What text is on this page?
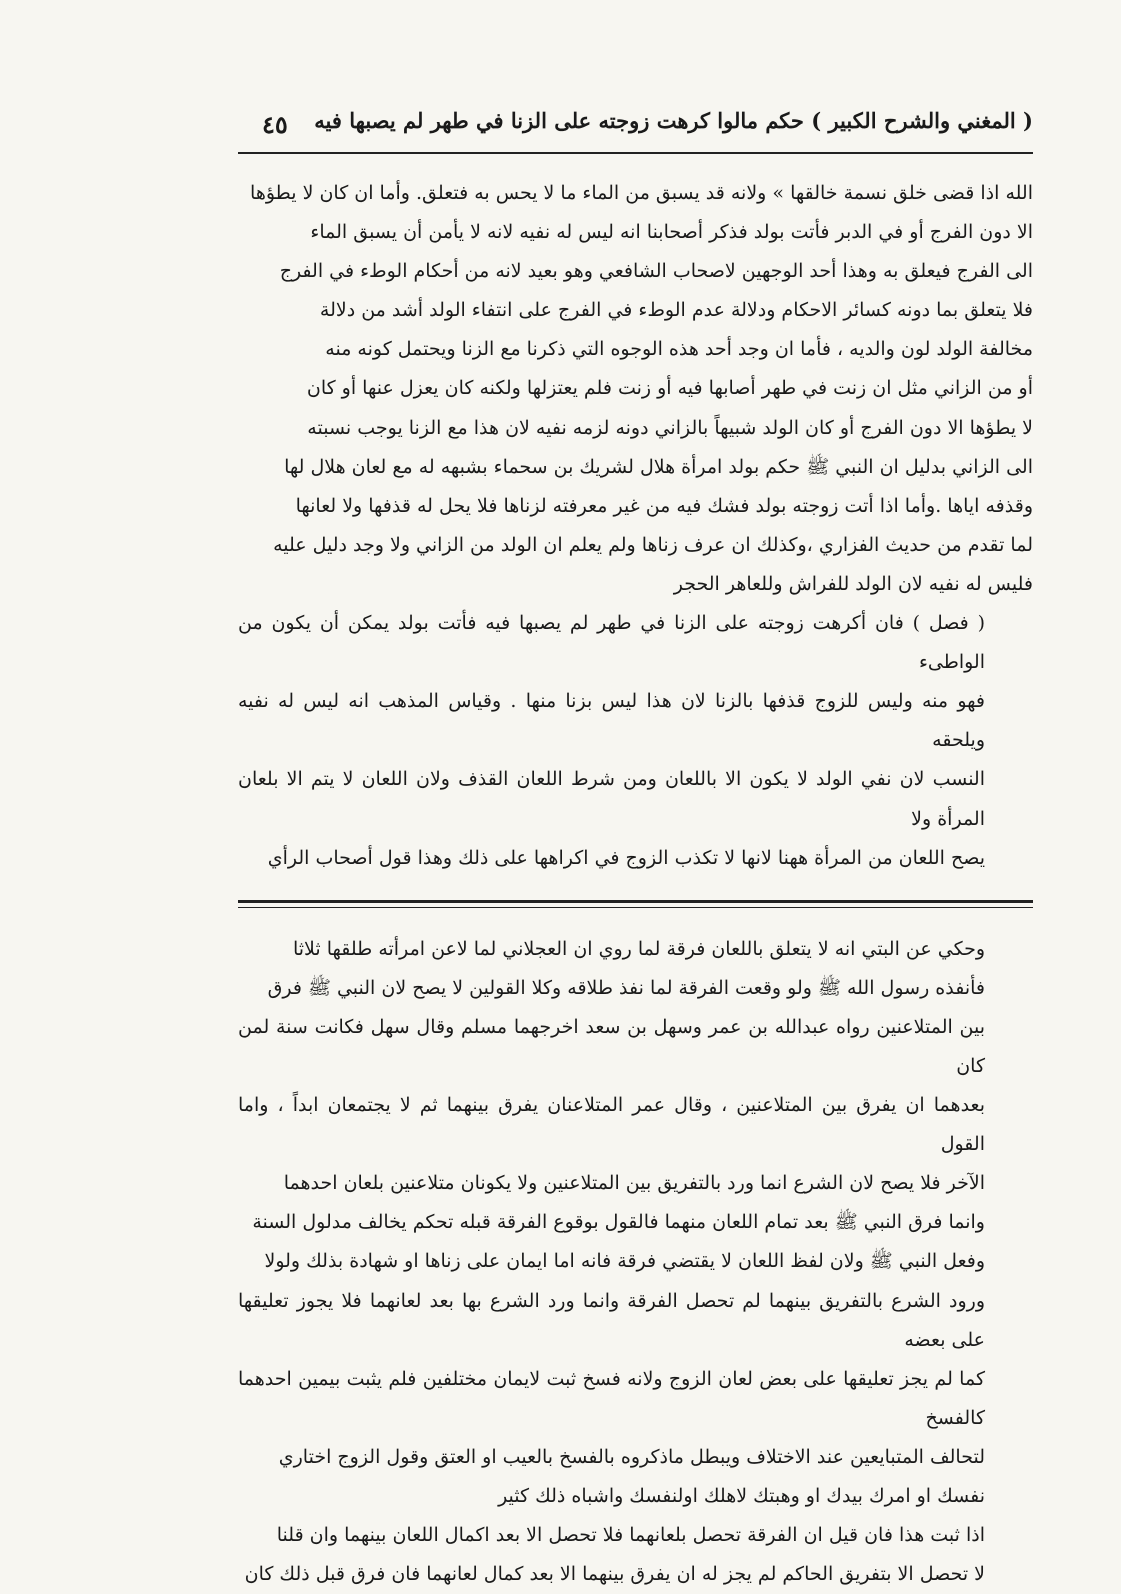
( المغني والشرح الكبير ) حكم مالوا كرهت زوجته على الزنا في طهر لم يصبها فيه
٤٥

الله اذا قضى خلق نسمة خالقها » ولانه قد يسبق من الماء ما لا يحس به فتعلق. وأما ان كان لا يطؤها

الا دون الفرج أو في الدبر فأتت بولد فذكر أصحابنا انه ليس له نفيه لانه لا يأمن أن يسبق الماء

الى الفرج فيعلق به وهذا أحد الوجهين لاصحاب الشافعي وهو بعيد لانه من أحكام الوطء في الفرج

فلا يتعلق بما دونه كسائر الاحكام ودلالة عدم الوطء في الفرج على انتفاء الولد أشد من دلالة

مخالفة الولد لون والديه ، فأما ان وجد أحد هذه الوجوه التي ذكرنا مع الزنا ويحتمل كونه منه

أو من الزاني مثل ان زنت في طهر أصابها فيه أو زنت فلم يعتزلها ولكنه كان يعزل عنها أو كان

لا يطؤها الا دون الفرج أو كان الولد شبيهاً بالزاني دونه لزمه نفيه لان هذا مع الزنا يوجب نسبته

الى الزاني بدليل ان النبي ﷺ حكم بولد امرأة هلال لشريك بن سحماء بشبهه له مع لعان هلال لها

وقذفه اياها .وأما اذا أتت زوجته بولد فشك فيه من غير معرفته لزناها فلا يحل له قذفها ولا لعانها

لما تقدم من حديث الفزاري ،وكذلك ان عرف زناها ولم يعلم ان الولد من الزاني ولا وجد دليل عليه

فليس له نفيه لان الولد للفراش وللعاهر الحجر

( فصل ) فان أكرهت زوجته على الزنا في طهر لم يصبها فيه فأتت بولد يمكن أن يكون من الواطىء

فهو منه وليس للزوج قذفها بالزنا لان هذا ليس بزنا منها . وقياس المذهب انه ليس له نفيه ويلحقه

النسب لان نفي الولد لا يكون الا باللعان ومن شرط اللعان القذف ولان اللعان لا يتم الا بلعان المرأة ولا

يصح اللعان من المرأة ههنا لانها لا تكذب الزوج في اكراهها على ذلك وهذا قول أصحاب الرأي

وحكي عن البتي انه لا يتعلق باللعان فرقة لما روي ان العجلاني لما لاعن امرأته طلقها ثلاثا

فأنفذه رسول الله ﷺ ولو وقعت الفرقة لما نفذ طلاقه وكلا القولين لا يصح لان النبي ﷺ فرق

بين المتلاعنين رواه عبدالله بن عمر وسهل بن سعد اخرجهما مسلم وقال سهل فكانت سنة لمن كان

بعدهما ان يفرق بين المتلاعنين ، وقال عمر المتلاعنان يفرق بينهما ثم لا يجتمعان ابداً ، واما القول

الآخر فلا يصح لان الشرع انما ورد بالتفريق بين المتلاعنين ولا يكونان متلاعنين بلعان احدهما

وانما فرق النبي ﷺ بعد تمام اللعان منهما فالقول بوقوع الفرقة قبله تحكم يخالف مدلول السنة

وفعل النبي ﷺ ولان لفظ اللعان لا يقتضي فرقة فانه اما ايمان على زناها او شهادة بذلك ولولا

ورود الشرع بالتفريق بينهما لم تحصل الفرقة وانما ورد الشرع بها بعد لعانهما فلا يجوز تعليقها على بعضه

كما لم يجز تعليقها على بعض لعان الزوج ولانه فسخ ثبت لايمان مختلفين فلم يثبت بيمين احدهما كالفسخ

لتحالف المتبايعين عند الاختلاف ويبطل ماذكروه بالفسخ بالعيب او العتق وقول الزوج اختاري

نفسك او امرك بيدك او وهبتك لاهلك اولنفسك واشباه ذلك كثير

اذا ثبت هذا فان قيل ان الفرقة تحصل بلعانهما فلا تحصل الا بعد اكمال اللعان بينهما وان قلنا

لا تحصل الا بتفريق الحاكم لم يجز له ان يفرق بينهما الا بعد كمال لعانهما فان فرق قبل ذلك كان
